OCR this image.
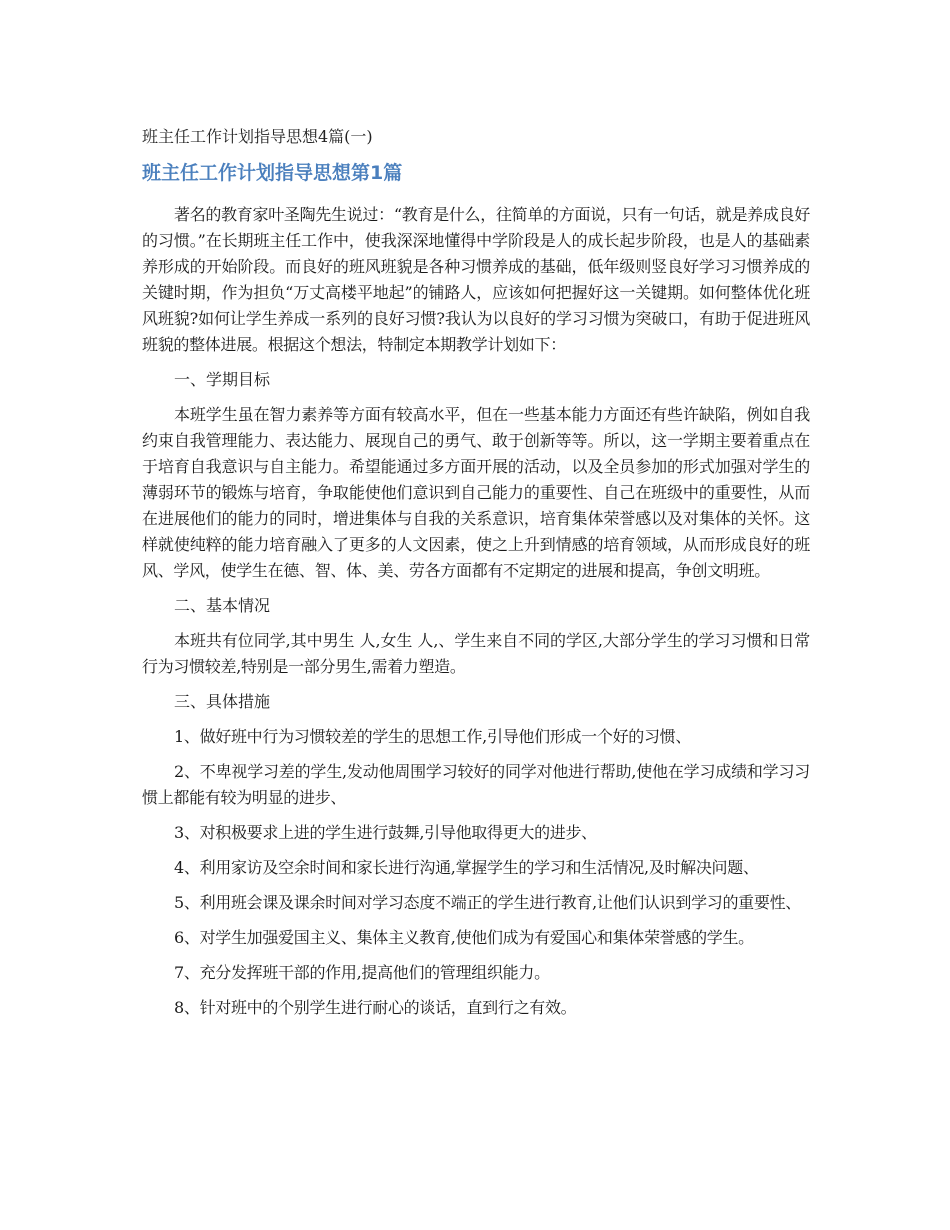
班主任工作计划指导思想4篇(一)
班主任工作计划指导思想第1篇

著名的教育家叶圣陶先生说过：“教育是什么，往简单的方面说，只有一句话，就是养成良好的习惯。”在长期班主任工作中，使我深深地懂得中学阶段是人的成长起步阶段，也是人的基础素养形成的开始阶段。而良好的班风班貌是各种习惯养成的基础，低年级则竖良好学习习惯养成的关键时期，作为担负“万丈高楼平地起”的铺路人，应该如何把握好这一关键期。如何整体优化班风班貌?如何让学生养成一系列的良好习惯?我认为以良好的学习习惯为突破口，有助于促进班风班貌的整体进展。根据这个想法，特制定本期教学计划如下：

一、学期目标

本班学生虽在智力素养等方面有较高水平，但在一些基本能力方面还有些许缺陷，例如自我约束自我管理能力、表达能力、展现自己的勇气、敢于创新等等。所以，这一学期主要着重点在于培育自我意识与自主能力。希望能通过多方面开展的活动，以及全员参加的形式加强对学生的薄弱环节的锻炼与培育，争取能使他们意识到自己能力的重要性、自己在班级中的重要性，从而在进展他们的能力的同时，增进集体与自我的关系意识，培育集体荣誉感以及对集体的关怀。这样就使纯粹的能力培育融入了更多的人文因素，使之上升到情感的培育领域，从而形成良好的班风、学风，使学生在德、智、体、美、劳各方面都有不定期定的进展和提高，争创文明班。

二、基本情况

本班共有位同学,其中男生 人,女生 人,、学生来自不同的学区,大部分学生的学习习惯和日常行为习惯较差,特别是一部分男生,需着力塑造。

三、具体措施

1、做好班中行为习惯较差的学生的思想工作,引导他们形成一个好的习惯、

2、不卑视学习差的学生,发动他周围学习较好的同学对他进行帮助,使他在学习成绩和学习习惯上都能有较为明显的进步、

3、对积极要求上进的学生进行鼓舞,引导他取得更大的进步、

4、利用家访及空余时间和家长进行沟通,掌握学生的学习和生活情况,及时解决问题、

5、利用班会课及课余时间对学习态度不端正的学生进行教育,让他们认识到学习的重要性、

6、对学生加强爱国主义、集体主义教育,使他们成为有爱国心和集体荣誉感的学生。

7、充分发挥班干部的作用,提高他们的管理组织能力。

8、针对班中的个别学生进行耐心的谈话，直到行之有效。
